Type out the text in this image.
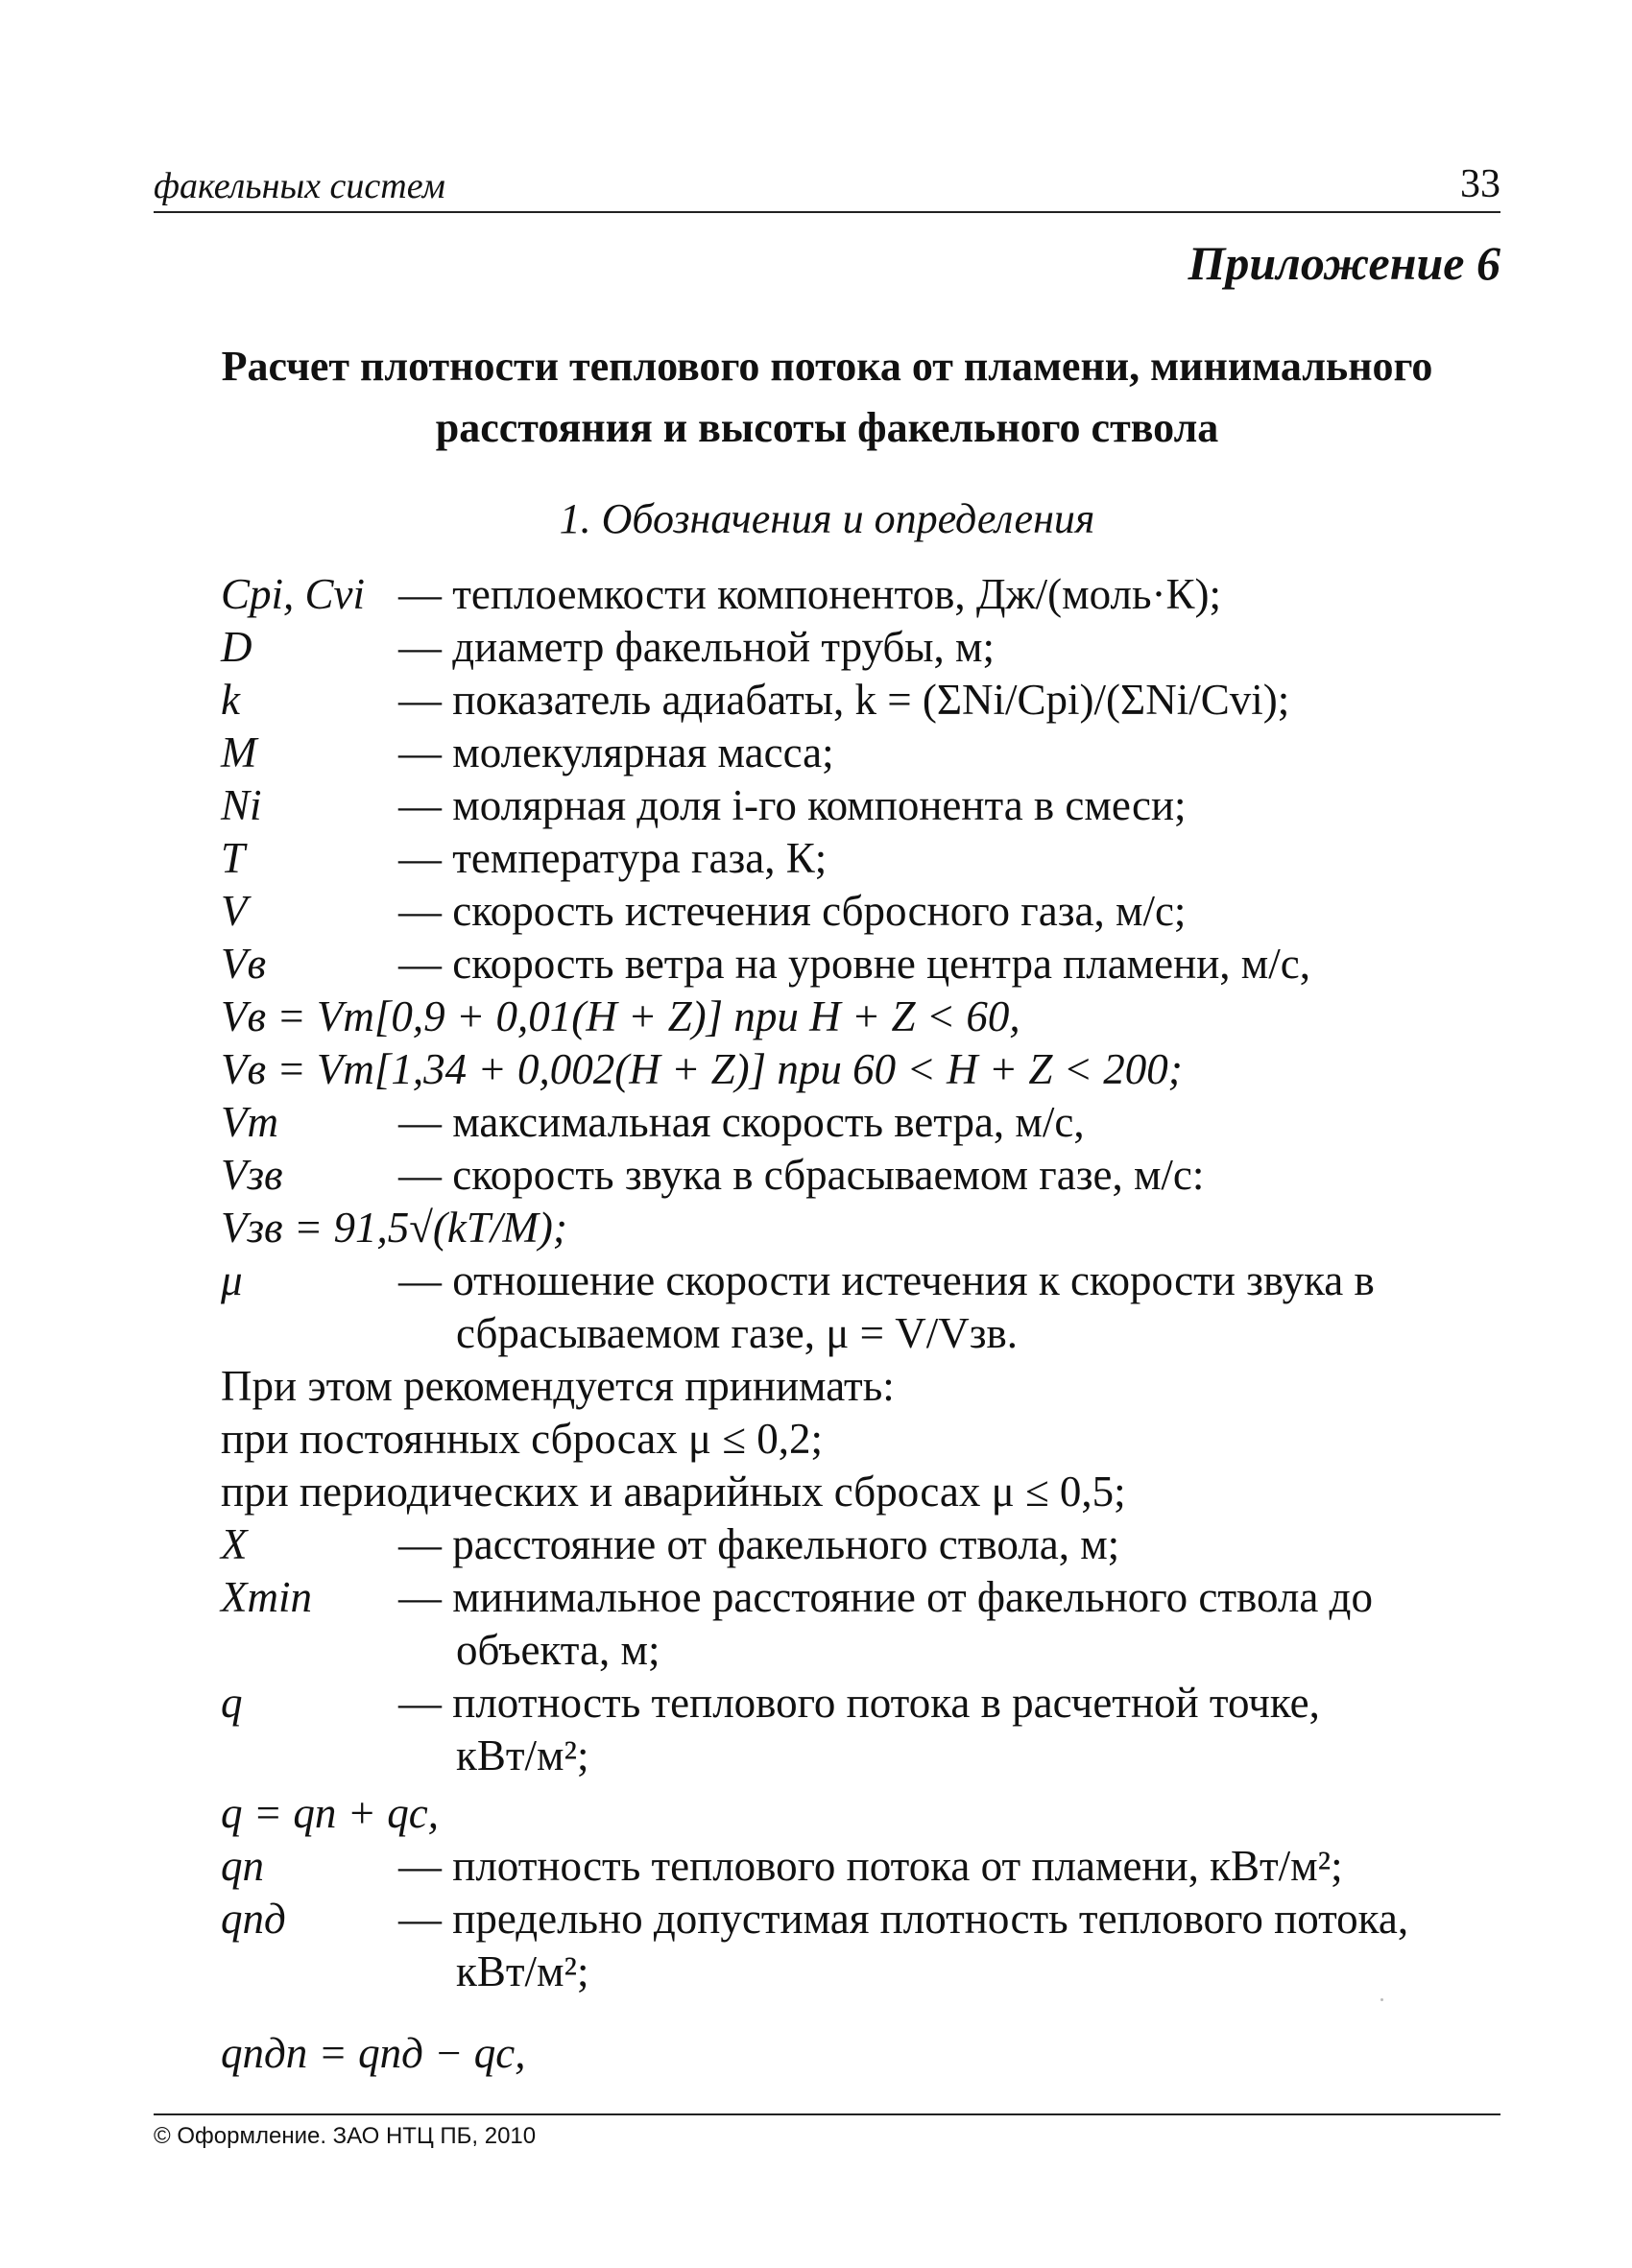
факельных систем	33
Приложение 6
Расчет плотности теплового потока от пламени, минимального
расстояния и высоты факельного ствола
1. Обозначения и определения
Cpi, Cvi — теплоемкости компонентов, Дж/(моль·К);
D	— диаметр факельной трубы, м;
k	— показатель адиабаты, k = (ΣNi/Cpi)/(ΣNi/Cvi);
M	— молекулярная масса;
Ni	— молярная доля i-го компонента в смеси;
T	— температура газа, К;
V	— скорость истечения сбросного газа, м/с;
Vв	— скорость ветра на уровне центра пламени, м/с,
Vв = Vm[0,9 + 0,01(H + Z)] при H + Z < 60,
Vв = Vm[1,34 + 0,002(H + Z)] при 60 < H + Z < 200;
Vm	— максимальная скорость ветра, м/с,
Vзв	— скорость звука в сбрасываемом газе, м/с:
Vзв = 91,5√(kT/M);
μ	— отношение скорости истечения к скорости звука в
сбрасываемом газе, μ = V/Vзв.
При этом рекомендуется принимать:
при постоянных сбросах μ ≤ 0,2;
при периодических и аварийных сбросах μ ≤ 0,5;
X	— расстояние от факельного ствола, м;
Xmin — минимальное расстояние от факельного ствола до
объекта, м;
q	— плотность теплового потока в расчетной точке,
кВт/м²;
q = qп + qс,
qп	— плотность теплового потока от пламени, кВт/м²;
qпд	— предельно допустимая плотность теплового потока,
кВт/м²;
qпдп = qпд − qс,
© Оформление. ЗАО НТЦ ПБ, 2010
